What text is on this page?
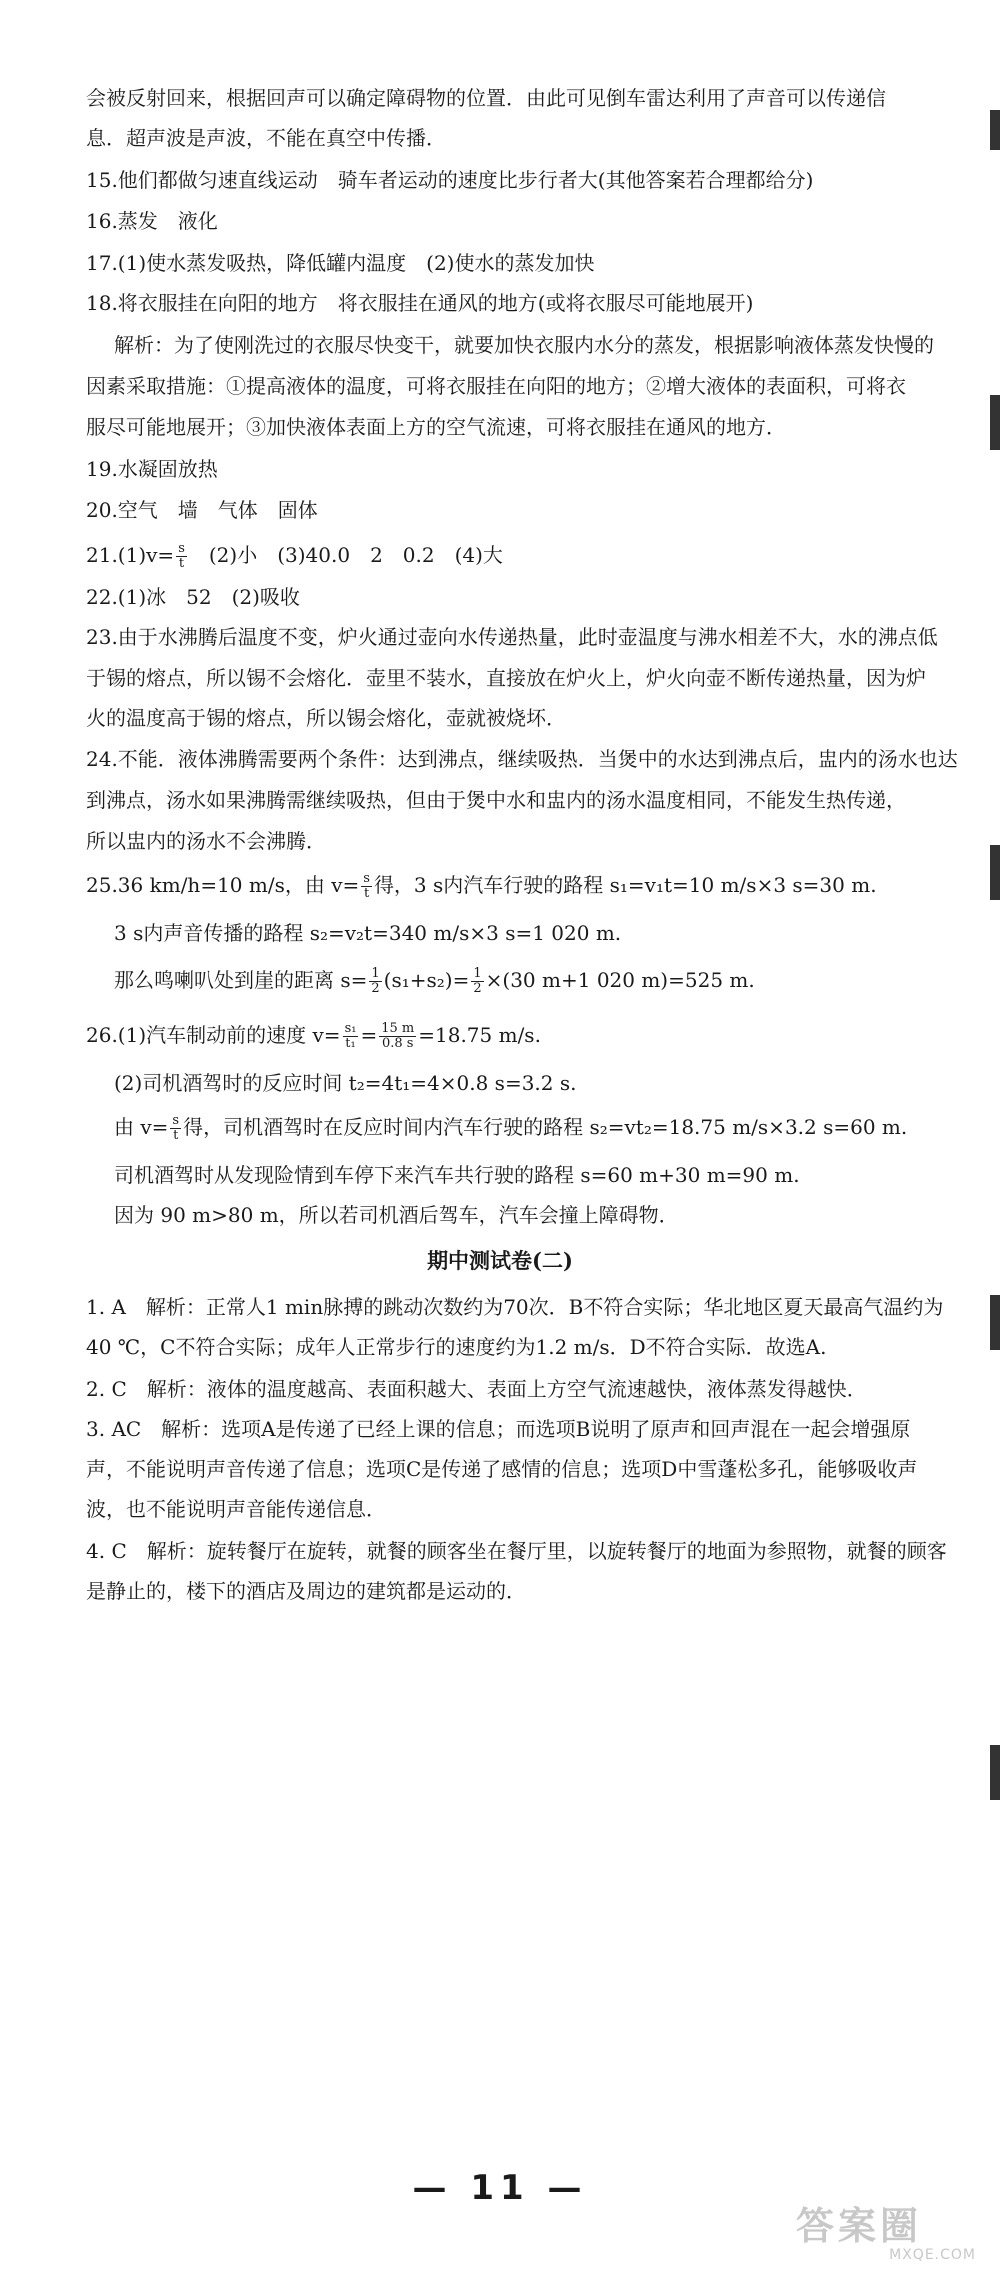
会被反射回来，根据回声可以确定障碍物的位置．由此可见倒车雷达利用了声音可以传递信
息．超声波是声波，不能在真空中传播．
15.他们都做匀速直线运动　骑车者运动的速度比步行者大(其他答案若合理都给分)
16.蒸发　液化
17.(1)使水蒸发吸热，降低罐内温度　(2)使水的蒸发加快
18.将衣服挂在向阳的地方　将衣服挂在通风的地方(或将衣服尽可能地展开)
解析：为了使刚洗过的衣服尽快变干，就要加快衣服内水分的蒸发，根据影响液体蒸发快慢的
因素采取措施：①提高液体的温度，可将衣服挂在向阳的地方；②增大液体的表面积，可将衣
服尽可能地展开；③加快液体表面上方的空气流速，可将衣服挂在通风的地方．
19.水凝固放热
20.空气　墙　气体　固体
$21.(1)v= \frac{s}{t}$ 　(2)小　(3)40.0　2　0.2　(4)大
22.(1)冰　52　(2)吸收
23.由于水沸腾后温度不变，炉火通过壶向水传递热量，此时壶温度与沸水相差不大，水的沸点低
于锡的熔点，所以锡不会熔化．壶里不装水，直接放在炉火上，炉火向壶不断传递热量，因为炉
火的温度高于锡的熔点，所以锡会熔化，壶就被烧坏．
24.不能．液体沸腾需要两个条件：达到沸点，继续吸热．当煲中的水达到沸点后，盅内的汤水也达
到沸点，汤水如果沸腾需继续吸热，但由于煲中水和盅内的汤水温度相同，不能发生热传递，
所以盅内的汤水不会沸腾．
25.36 km/h=10 m/s，由 $v= \frac{s}{t}$ 得，3 s内汽车行驶的路程 s₁=v₁t=10 m/s×3 s=30 m.
3 s内声音传播的路程 s₂=v₂t=340 m/s×3 s=1 020 m.
那么鸣喇叭处到崖的距离 $s= \frac{1}{2} (s_1+s_2)= \frac{1}{2} \times(30$ m+1 020 m)=525 m.
26.(1)汽车制动前的速度 $v= \frac{\text{s₁}}{\text{t₁}} = \frac{15 m}{0.8 s} =18.75$ m/s.
(2)司机酒驾时的反应时间 t₂=4t₁=4×0.8 s=3.2 s.
由 $v= \frac{s}{t}$ 得，司机酒驾时在反应时间内汽车行驶的路程 s₂=vt₂=18.75 m/s×3.2 s=60 m.
司机酒驾时从发现险情到车停下来汽车共行驶的路程 s=60 m+30 m=90 m.
因为 90 m>80 m，所以若司机酒后驾车，汽车会撞上障碍物．
期中测试卷(二)
1. A　解析：正常人1 min脉搏的跳动次数约为70次．B不符合实际；华北地区夏天最高气温约为
40 ℃，C不符合实际；成年人正常步行的速度约为1.2 m/s．D不符合实际．故选A.
2. C　解析：液体的温度越高、表面积越大、表面上方空气流速越快，液体蒸发得越快．
3. AC　解析：选项A是传递了已经上课的信息；而选项B说明了原声和回声混在一起会增强原
声，不能说明声音传递了信息；选项C是传递了感情的信息；选项D中雪蓬松多孔，能够吸收声
波，也不能说明声音能传递信息．
4. C　解析：旋转餐厅在旋转，就餐的顾客坐在餐厅里，以旋转餐厅的地面为参照物，就餐的顾客
是静止的，楼下的酒店及周边的建筑都是运动的．
— 11 —
答案圈
MXQE.COM
